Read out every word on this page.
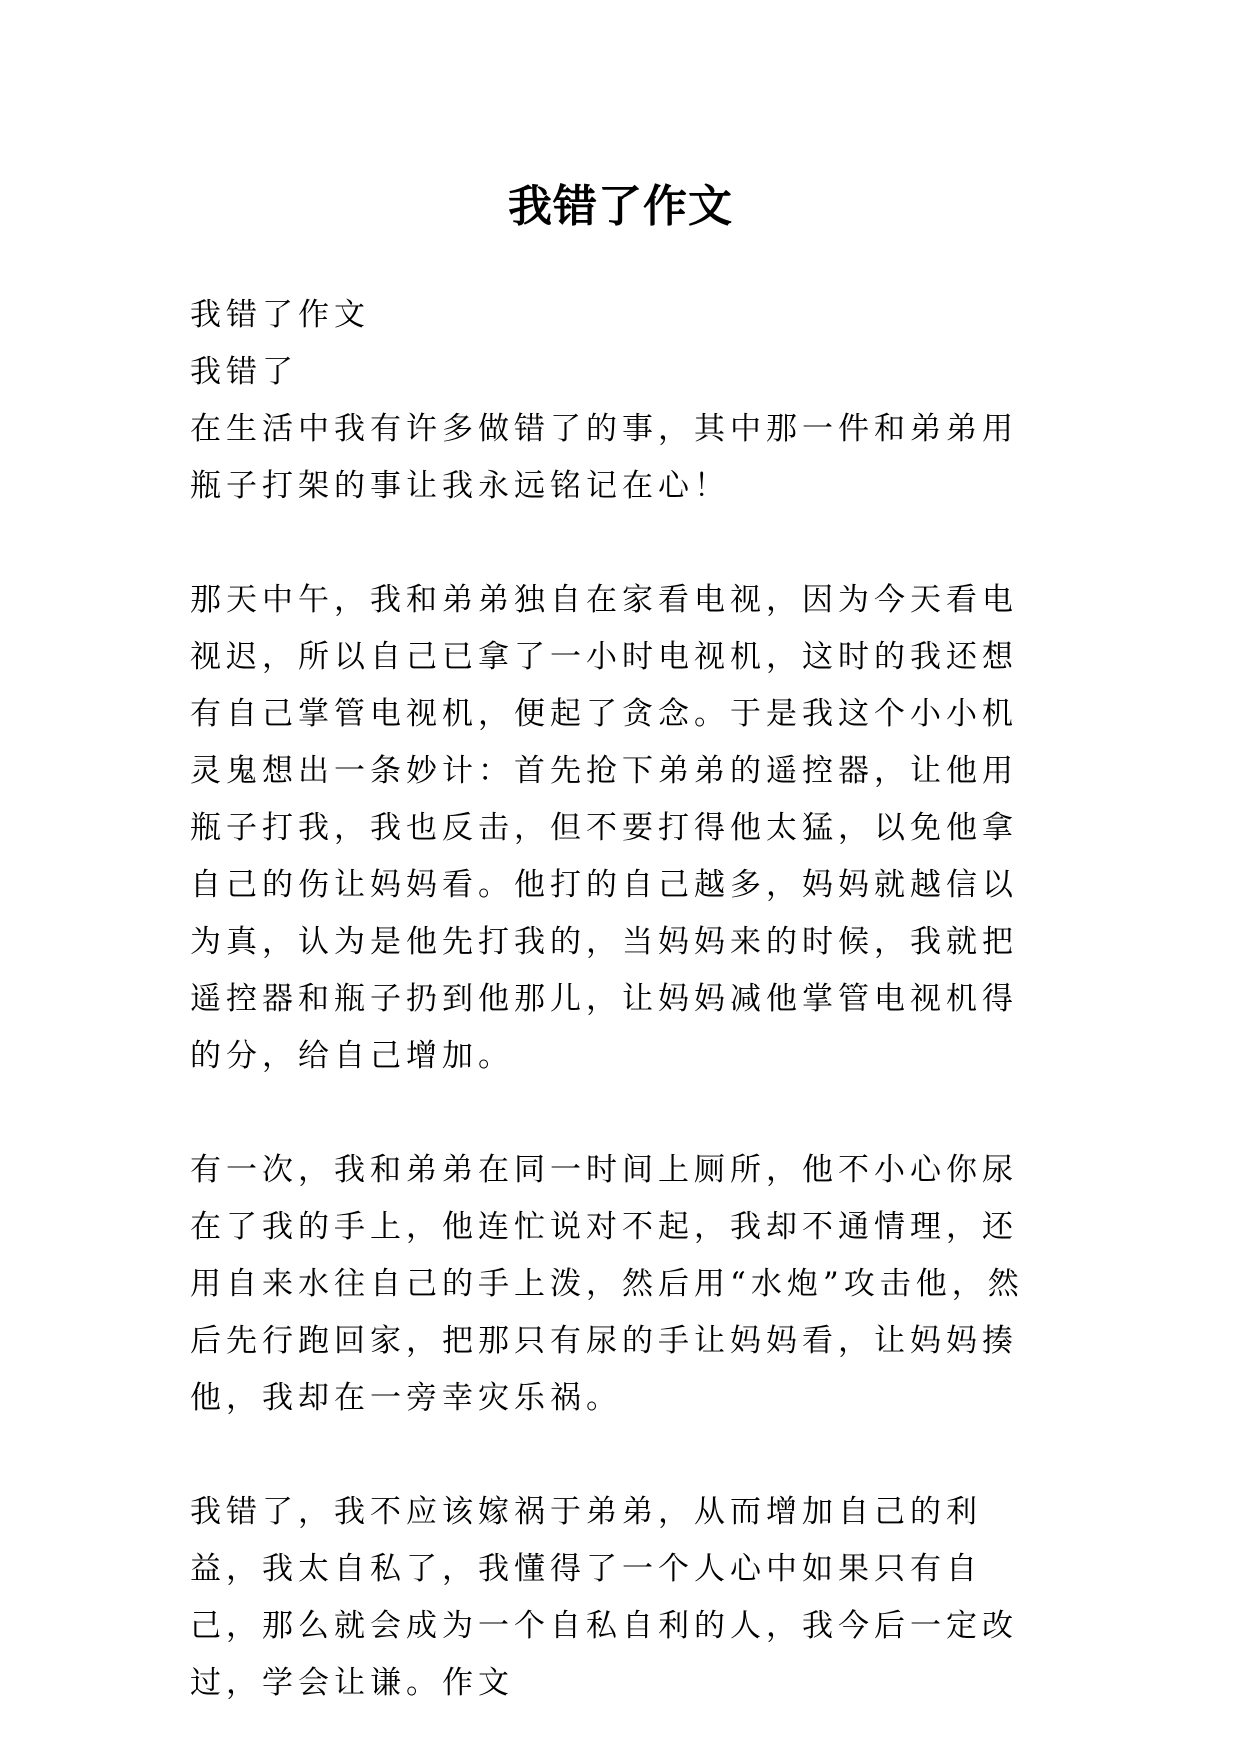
我错了作文

我错了作文

我错了

在生活中我有许多做错了的事，其中那一件和弟弟用瓶子打架的事让我永远铭记在心！

那天中午，我和弟弟独自在家看电视，因为今天看电视迟，所以自己已拿了一小时电视机，这时的我还想有自己掌管电视机，便起了贪念。于是我这个小小机灵鬼想出一条妙计：首先抢下弟弟的遥控器，让他用瓶子打我，我也反击，但不要打得他太猛，以免他拿自己的伤让妈妈看。他打的自己越多，妈妈就越信以为真，认为是他先打我的，当妈妈来的时候，我就把遥控器和瓶子扔到他那儿，让妈妈减他掌管电视机得的分，给自己增加。

有一次，我和弟弟在同一时间上厕所，他不小心你尿在了我的手上，他连忙说对不起，我却不通情理，还用自来水往自己的手上泼，然后用“水炮”攻击他，然后先行跑回家，把那只有尿的手让妈妈看，让妈妈揍他，我却在一旁幸灾乐祸。

我错了，我不应该嫁祸于弟弟，从而增加自己的利益，我太自私了，我懂得了一个人心中如果只有自己，那么就会成为一个自私自利的人，我今后一定改过，学会让谦。作文
